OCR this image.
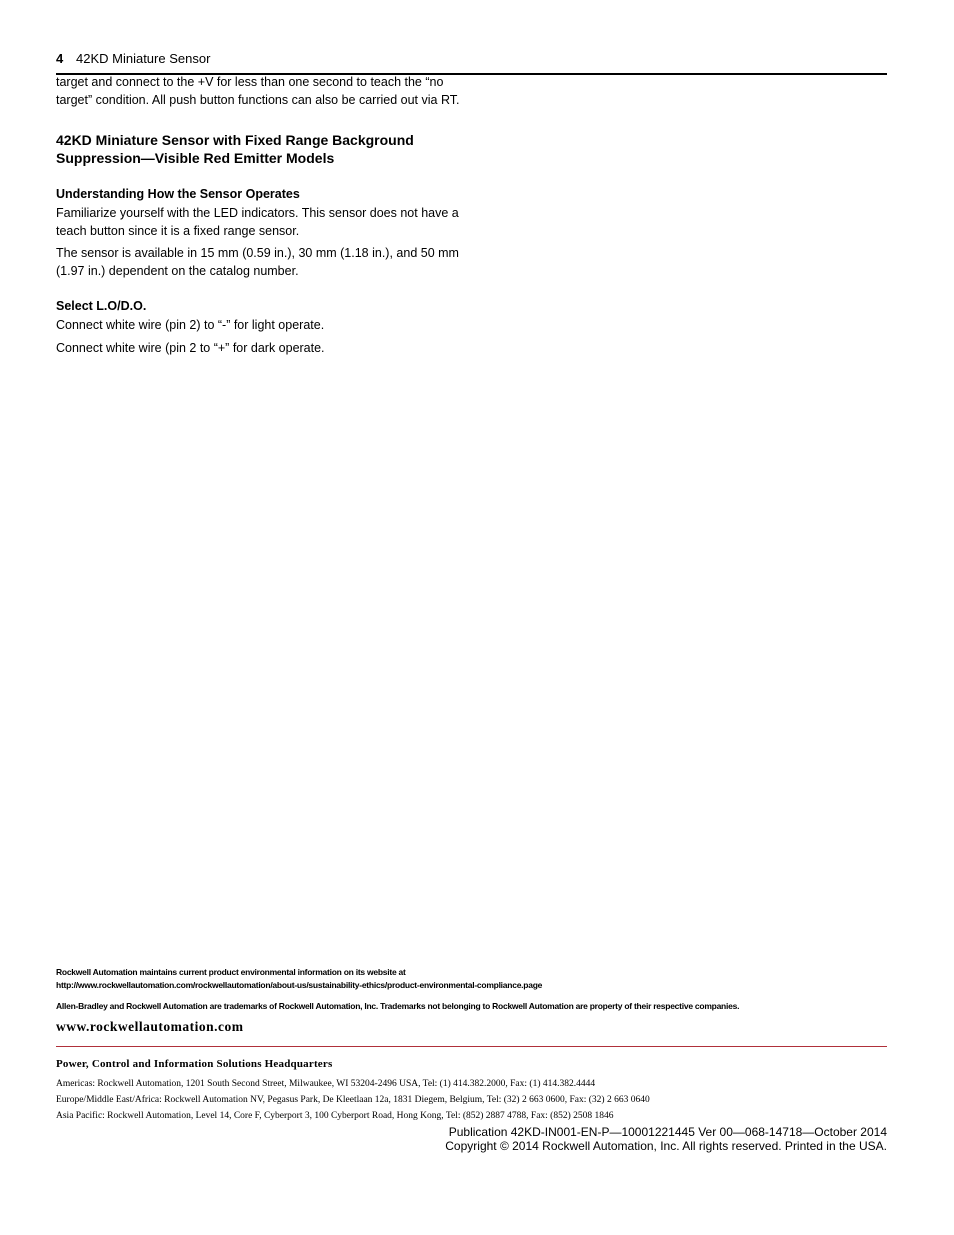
4 42KD Miniature Sensor

target and connect to the +V for less than one second to teach the “no target” condition. All push button functions can also be carried out via RT.

42KD Miniature Sensor with Fixed Range Background Suppression—Visible Red Emitter Models
Understanding How the Sensor Operates

Familiarize yourself with the LED indicators. This sensor does not have a teach button since it is a fixed range sensor.

The sensor is available in 15 mm (0.59 in.), 30 mm (1.18 in.), and 50 mm (1.97 in.) dependent on the catalog number.

Select L.O/D.O.

Connect white wire (pin 2) to “-” for light operate.

Connect white wire (pin 2 to “+” for dark operate.

Rockwell Automation maintains current product environmental information on its website at
http://www.rockwellautomation.com/rockwellautomation/about-us/sustainability-ethics/product-environmental-compliance.page
Allen-Bradley and Rockwell Automation are trademarks of Rockwell Automation, Inc. Trademarks not belonging to Rockwell Automation are property of their respective companies.
www.rockwellautomation.com
Power, Control and Information Solutions Headquarters
Americas: Rockwell Automation, 1201 South Second Street, Milwaukee, WI 53204-2496 USA, Tel: (1) 414.382.2000, Fax: (1) 414.382.4444
Europe/Middle East/Africa: Rockwell Automation NV, Pegasus Park, De Kleetlaan 12a, 1831 Diegem, Belgium, Tel: (32) 2 663 0600, Fax: (32) 2 663 0640
Asia Pacific: Rockwell Automation, Level 14, Core F, Cyberport 3, 100 Cyberport Road, Hong Kong, Tel: (852) 2887 4788, Fax: (852) 2508 1846
Publication 42KD-IN001-EN-P—10001221445 Ver 00—068-14718—October 2014
Copyright © 2014 Rockwell Automation, Inc. All rights reserved. Printed in the USA.
